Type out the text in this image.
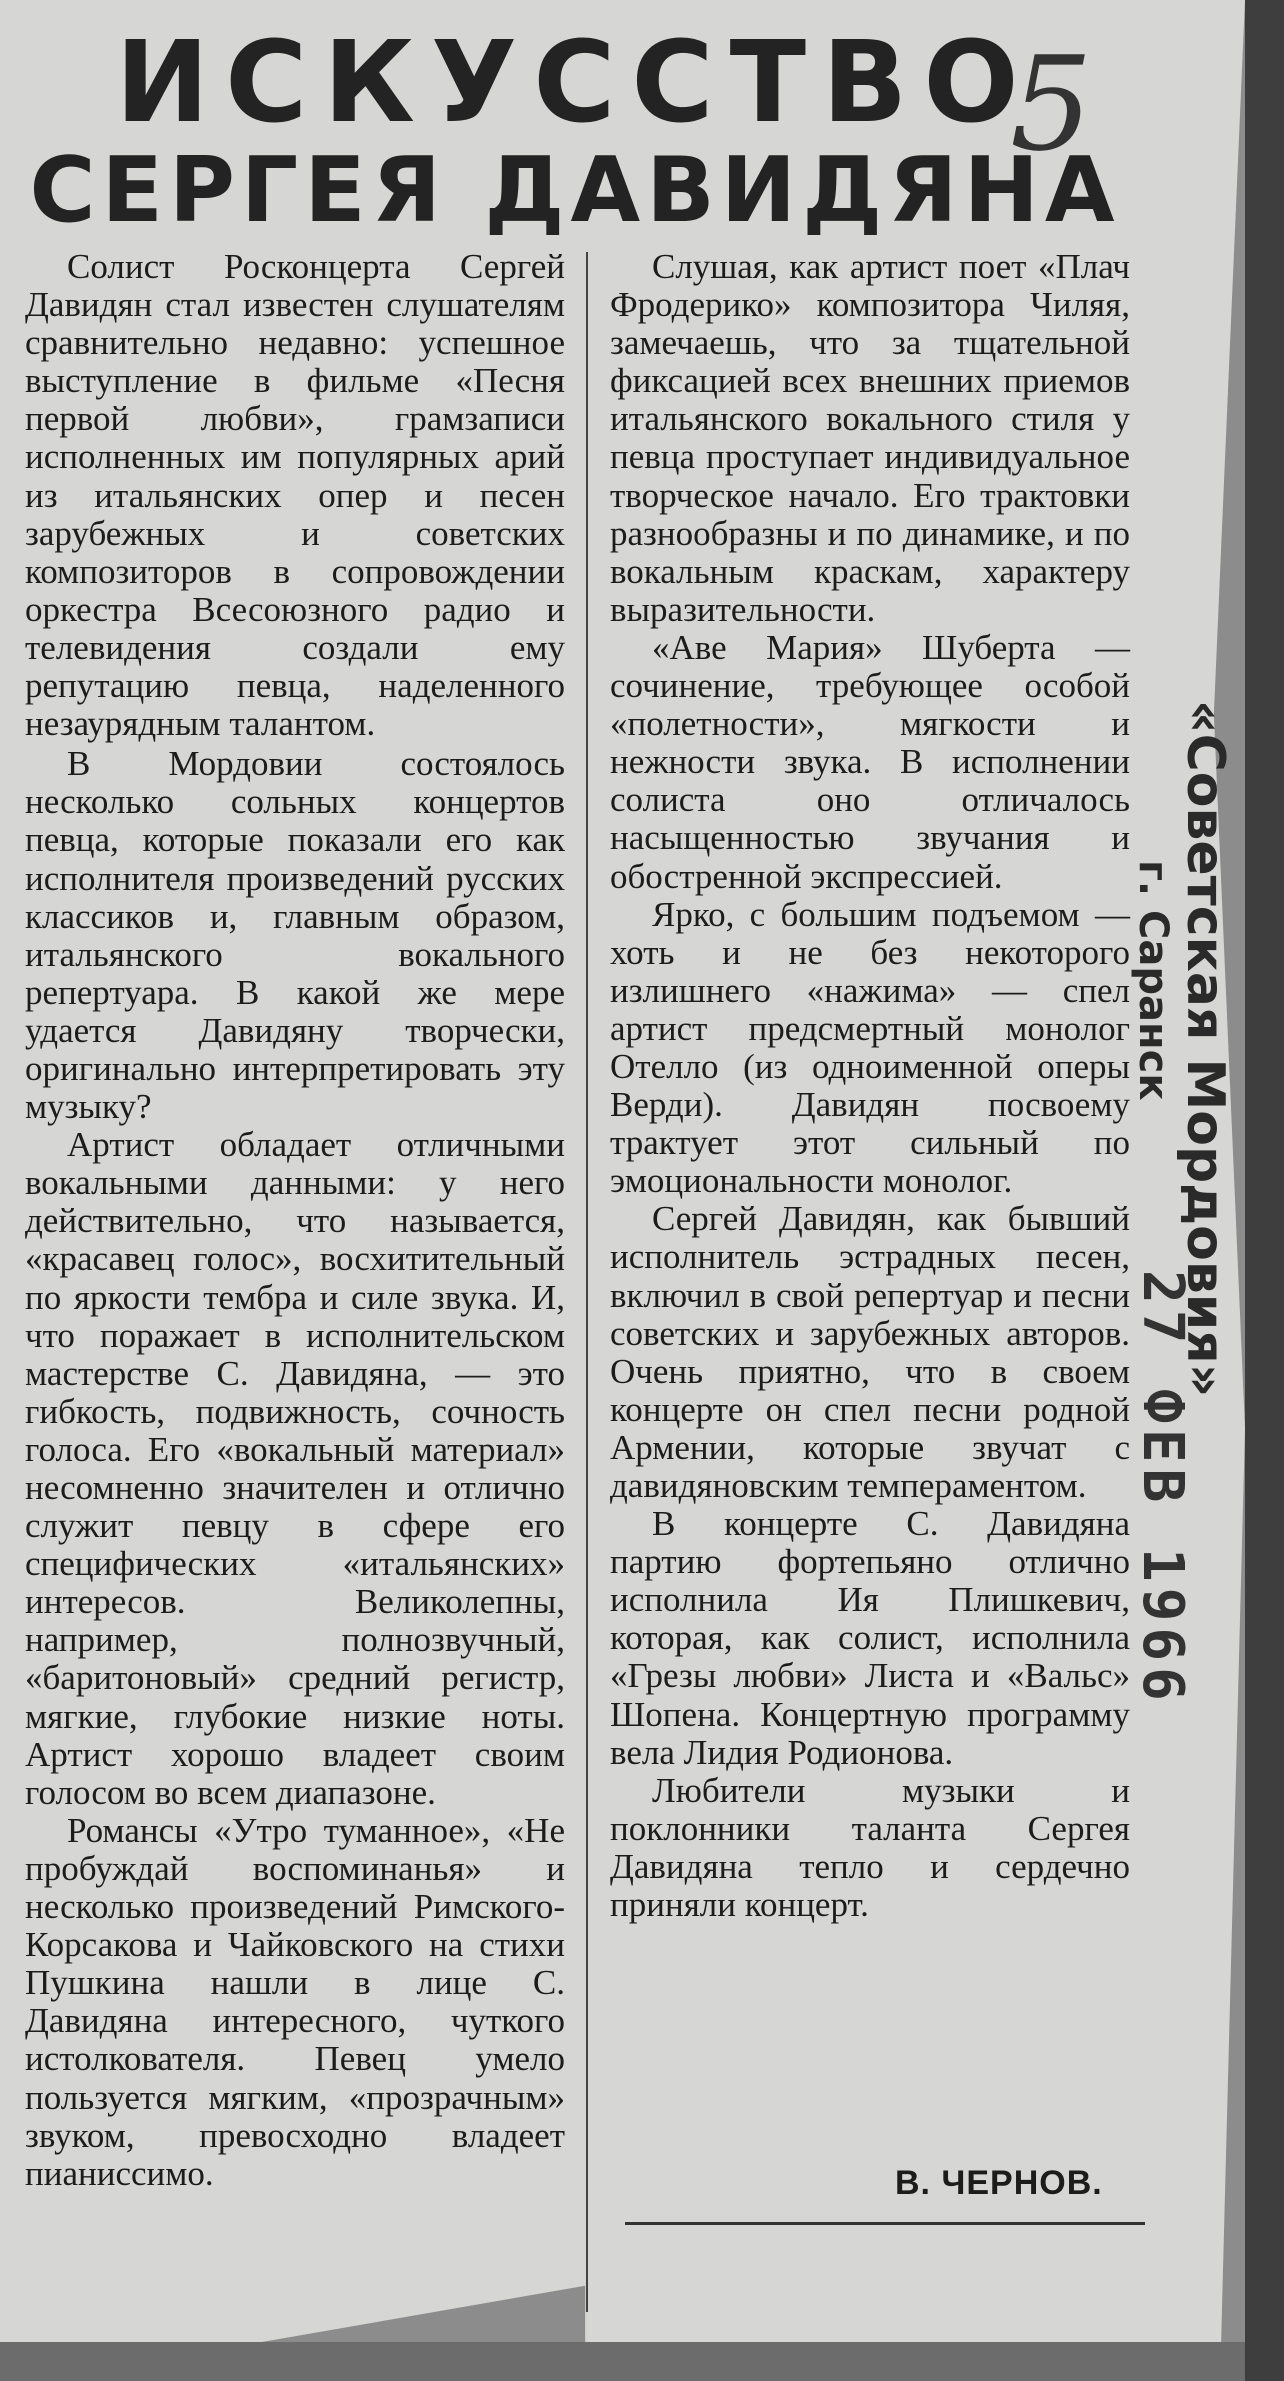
ИСКУССТВО
СЕРГЕЯ ДАВИДЯНА
5

Солист Росконцерта Сергей Давидян стал известен слушателям сравнительно недавно: успешное выступление в фильме «Песня первой любви», грамзаписи исполненных им популярных арий из итальянских опер и песен зарубежных и советских композиторов в сопровождении оркестра Всесоюзного радио и телевидения создали ему репутацию певца, наделенного незаурядным талантом.

В Мордовии состоялось несколько сольных концертов певца, которые показали его как исполнителя произведений русских классиков и, главным образом, итальянского вокального репертуара. В какой же мере удается Давидяну творчески, оригинально интерпретировать эту музыку?

Артист обладает отличными вокальными данными: у него действительно, что называется, «красавец голос», восхитительный по яркости тембра и силе звука. И, что поражает в исполнительском мастерстве С. Давидяна, — это гибкость, подвижность, сочность голоса. Его «вокальный материал» несомненно значителен и отлично служит певцу в сфере его специфических «итальянских» интересов. Великолепны, например, полнозвучный, «баритоновый» средний регистр, мягкие, глубокие низкие ноты. Артист хорошо владеет своим голосом во всем диапазоне.

Романсы «Утро туманное», «Не пробуждай воспоминанья» и несколько произведений Римского-Корсакова и Чайковского на стихи Пушкина нашли в лице С. Давидяна интересного, чуткого истолкователя. Певец умело пользуется мягким, «прозрачным» звуком, превосходно владеет пианиссимо.

Слушая, как артист поет «Плач Фродерико» композитора Чиляя, замечаешь, что за тщательной фиксацией всех внешних приемов итальянского вокального стиля у певца проступает индивидуальное творческое начало. Его трактовки разнообразны и по динамике, и по вокальным краскам, характеру выразительности.

«Аве Мария» Шуберта — сочинение, требующее особой «полетности», мягкости и нежности звука. В исполнении солиста оно отличалось насыщенностью звучания и обостренной экспрессией.

Ярко, с большим подъемом — хоть и не без некоторого излишнего «нажима» — спел артист предсмертный монолог Отелло (из одноименной оперы Верди). Давидян посвоему трактует этот сильный по эмоциональности монолог.

Сергей Давидян, как бывший исполнитель эстрадных песен, включил в свой репертуар и песни советских и зарубежных авторов. Очень приятно, что в своем концерте он спел песни родной Армении, которые звучат с давидяновским темпераментом.

В концерте С. Давидяна партию фортепьяно отлично исполнила Ия Плишкевич, которая, как солист, исполнила «Грезы любви» Листа и «Вальс» Шопена. Концертную программу вела Лидия Родионова.

Любители музыки и поклонники таланта Сергея Давидяна тепло и сердечно приняли концерт.

В. ЧЕРНОВ.
«Советская Мордовия»
г. Саранск
27 ФЕВ 1966
